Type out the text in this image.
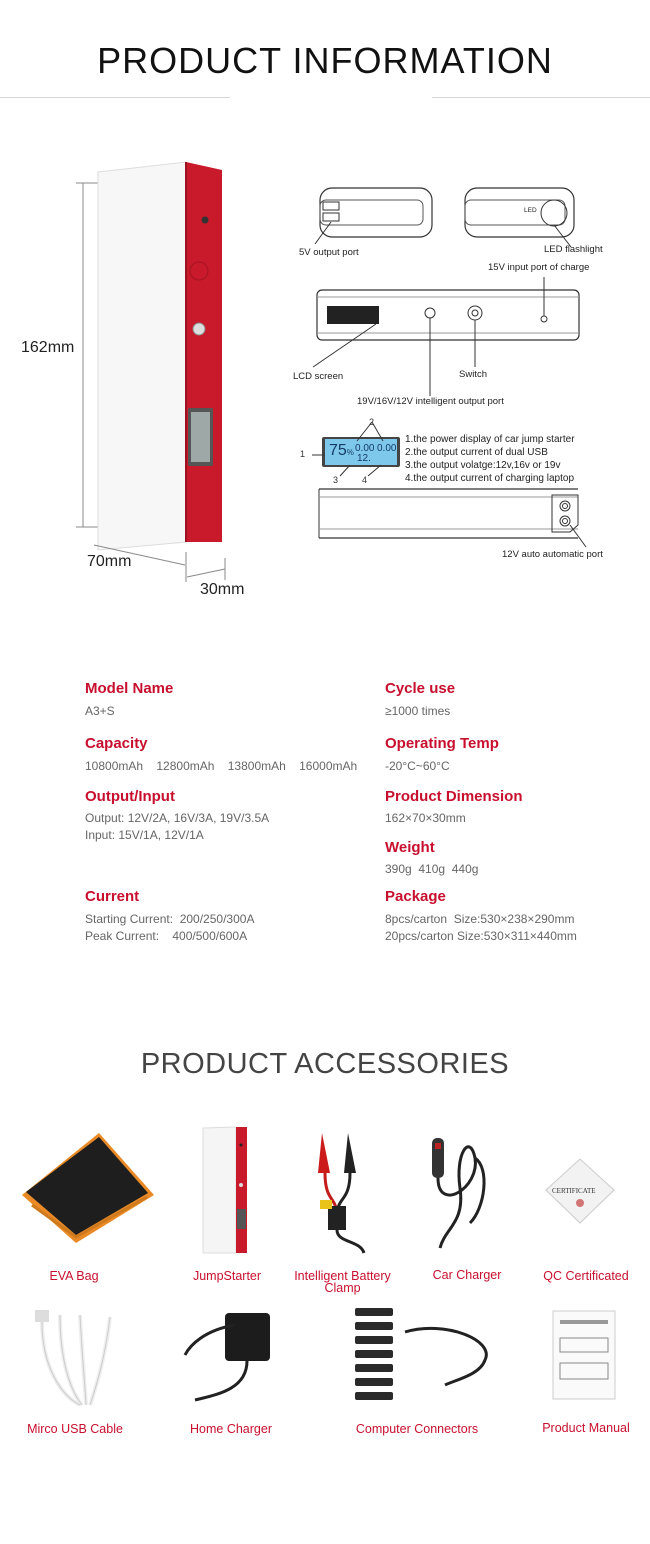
PRODUCT INFORMATION
162mm
70mm
30mm
5V output port	LED flashlight
LED
15V input port of charge
LCD screen	Switch
19V/16V/12V intelligent output port
12V auto automatic port
75% 0.00 0.00
12.
1
2
3	4
1.the power display of car jump starter
2.the output current of dual USB
3.the output volatge:12v,16v or 19v
4.the output current of charging laptop
Model Name
A3+S
Cycle use
≥1000 times
Capacity
10800mAh    12800mAh    13800mAh    16000mAh
Operating Temp
-20°C~60°C
Output/Input
Output: 12V/2A, 16V/3A, 19V/3.5A
Input: 15V/1A, 12V/1A
Product Dimension
162×70×30mm
Weight
390g  410g  440g
Current
Starting Current:  200/250/300A
Peak Current:    400/500/600A
Package
8pcs/carton  Size:530×238×290mm
20pcs/carton Size:530×311×440mm
PRODUCT ACCESSORIES
CERTIFICATE
EVA Bag	JumpStarter	Intelligent Battery
Clamp
Car Charger	QC Certificated
Mirco USB Cable	Home Charger	Computer Connectors	Product Manual
